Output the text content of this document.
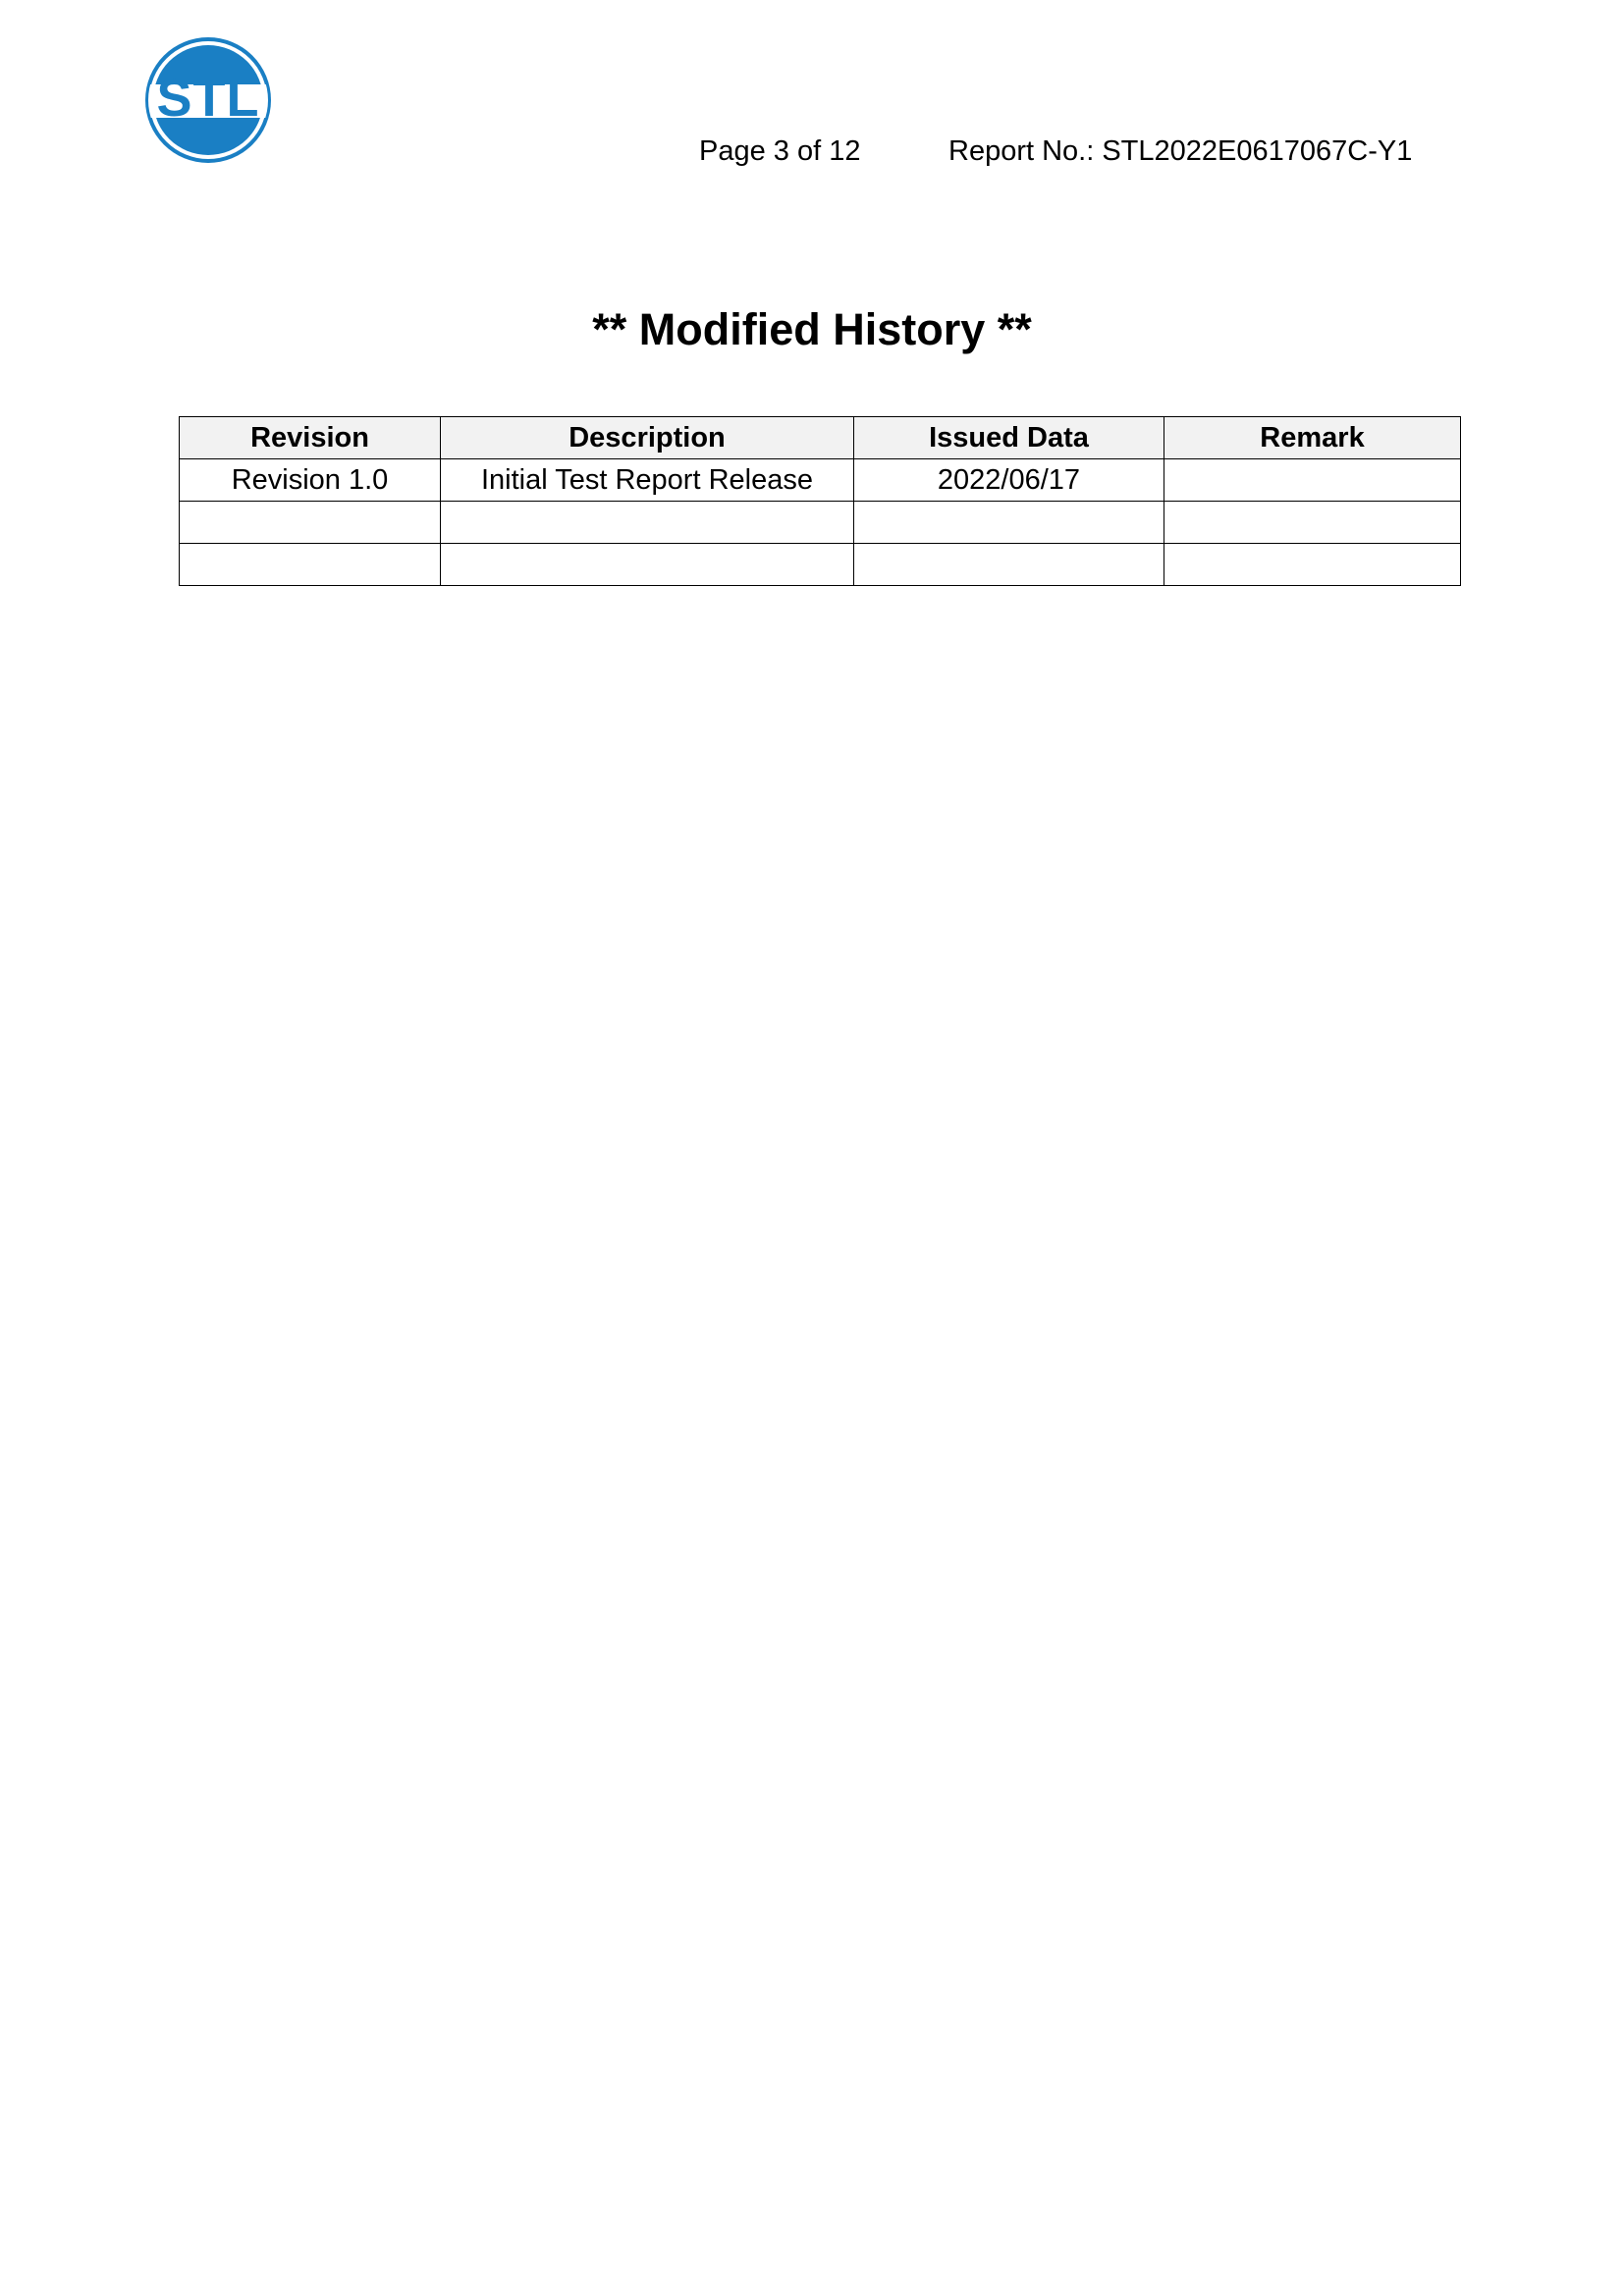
STL
Page 3 of 12	Report No.: STL2022E0617067C-Y1
** Modified History **
Revision	Description	Issued Data	Remark
Revision 1.0	Initial Test Report Release	2022/06/17	
